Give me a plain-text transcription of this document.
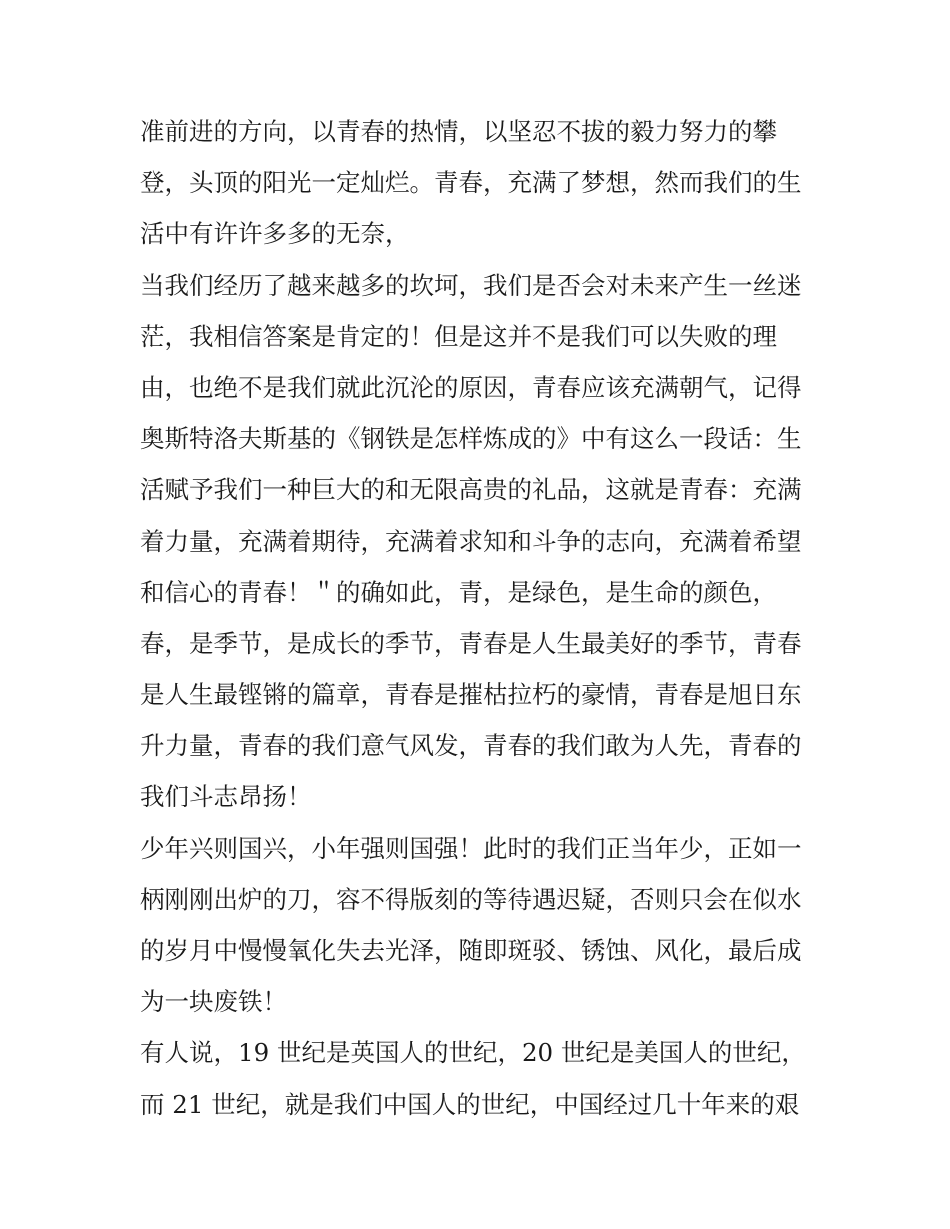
准前进的方向，以青春的热情，以坚忍不拔的毅力努力的攀
登，头顶的阳光一定灿烂。青春，充满了梦想，然而我们的生
活中有许许多多的无奈，
当我们经历了越来越多的坎坷，我们是否会对未来产生一丝迷
茫，我相信答案是肯定的！但是这并不是我们可以失败的理
由，也绝不是我们就此沉沦的原因，青春应该充满朝气，记得
奥斯特洛夫斯基的《钢铁是怎样炼成的》中有这么一段话：生
活赋予我们一种巨大的和无限高贵的礼品，这就是青春：充满
着力量，充满着期待，充满着求知和斗争的志向，充满着希望
和信心的青春！＂的确如此，青，是绿色，是生命的颜色，
春，是季节，是成长的季节，青春是人生最美好的季节，青春
是人生最铿锵的篇章，青春是摧枯拉朽的豪情，青春是旭日东
升力量，青春的我们意气风发，青春的我们敢为人先，青春的
我们斗志昂扬！
少年兴则国兴，小年强则国强！此时的我们正当年少，正如一
柄刚刚出炉的刀，容不得版刻的等待遇迟疑，否则只会在似水
的岁月中慢慢氧化失去光泽，随即斑驳、锈蚀、风化，最后成
为一块废铁！
有人说，19 世纪是英国人的世纪，20 世纪是美国人的世纪，
而 21 世纪，就是我们中国人的世纪，中国经过几十年来的艰
